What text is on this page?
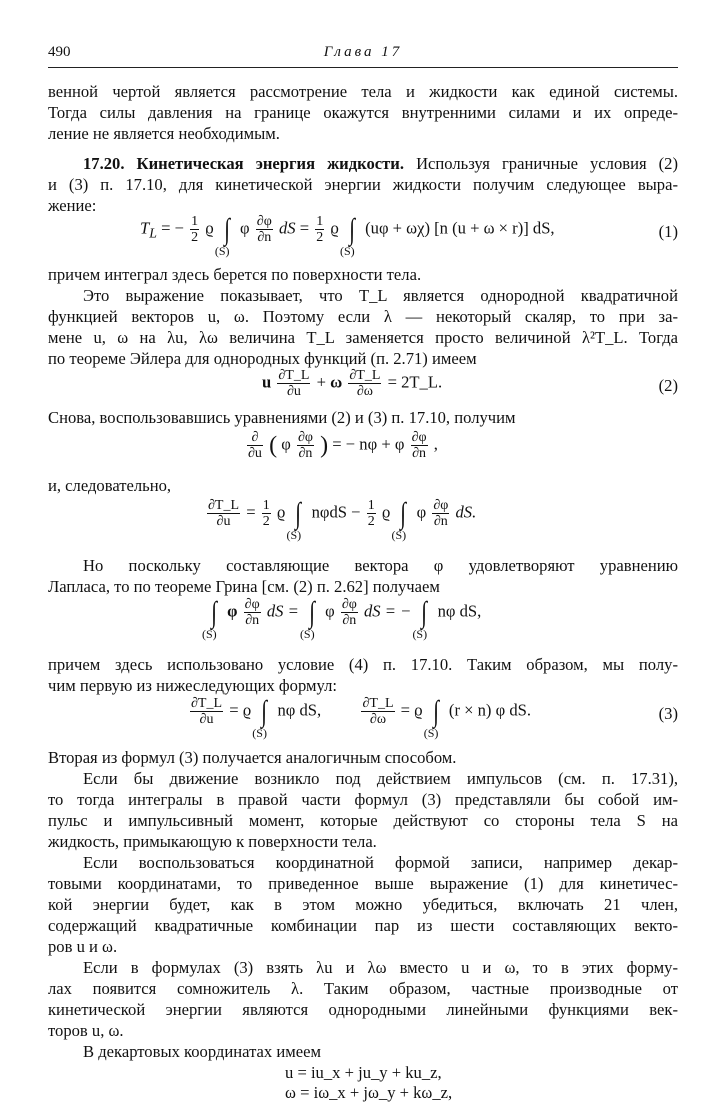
490	Глава 17
венной чертой является рассмотрение тела и жидкости как единой системы.
Тогда силы давления на границе окажутся внутренними силами и их опреде-
ление не является необходимым.
17.20. Кинетическая энергия жидкости. Используя граничные условия (2)
и (3) п. 17.10, для кинетической энергии жидкости получим следующее выра-
жение:
$T_L$ = − $\frac{1}{2}$ ϱ ∫
(S)
φ $\frac{\partial\varphi}{\partial n}$ dS = $\frac{1}{2}$ ϱ ∫
(S)
(uφ + ωχ) [n (u + ω × r)] dS,	(1)
причем интеграл здесь берется по поверхности тела.
Это выражение показывает, что T_L является однородной квадратичной
функцией векторов u, ω. Поэтому если λ — некоторый скаляр, то при за-
мене u, ω на λu, λω величина T_L заменяется просто величиной λ²T_L. Тогда
по теореме Эйлера для однородных функций (п. 2.71) имеем
u $\frac{\partial T\_L}{\partial u} + \omega \frac{\partial T\_L}{\partial\omega}$ = 2T_L.	(2)
Снова, воспользовавшись уравнениями (2) и (3) п. 17.10, получим
$\frac{\partial}{\partial u}$ ( φ $\frac{\partial\varphi}{\partial n}$ ) = − nφ + φ $\frac{\partial\varphi}{\partial n}$ ,
и, следовательно,
$\frac{\partial T\_L}{\partial u} = \frac{1}{2}$ ϱ ∫
(S)
$n\varphi dS - \frac{1}{2}$ ϱ ∫
(S)
φ $\frac{\partial\varphi}{\partial n}$ dS.
Но поскольку составляющие вектора φ удовлетворяют уравнению
Лапласа, то по теореме Грина [см. (2) п. 2.62] получаем
∫
(S)
φ $\frac{\partial\varphi}{\partial n}$ dS = ∫
(S)
φ $\frac{\partial\varphi}{\partial n}$ dS = − ∫
(S)
nφ dS,
причем здесь использовано условие (4) п. 17.10. Таким образом, мы полу-
чим первую из нижеследующих формул:
$\frac{\partial T\_L}{\partial u} = ϱ$ ∫
(S)
nφ dS,	$\frac{\partial T\_L}{\partial\omega} = ϱ$ ∫
(S)
(r × n) φ dS.	(3)
Вторая из формул (3) получается аналогичным способом.
Если бы движение возникло под действием импульсов (см. п. 17.31),
то тогда интегралы в правой части формул (3) представляли бы собой им-
пульс и импульсивный момент, которые действуют со стороны тела S на
жидкость, примыкающую к поверхности тела.
Если воспользоваться координатной формой записи, например декар-
товыми координатами, то приведенное выше выражение (1) для кинетичес-
кой энергии будет, как в этом можно убедиться, включать 21 член,
содержащий квадратичные комбинации пар из шести составляющих векто-
ров u и ω.
Если в формулах (3) взять λu и λω вместо u и ω, то в этих форму-
лах появится сомножитель λ. Таким образом, частные производные от
кинетической энергии являются однородными линейными функциями век-
торов u, ω.
В декартовых координатах имеем
u = iu_x + ju_y + ku_z,
ω = iω_x + jω_y + kω_z,
